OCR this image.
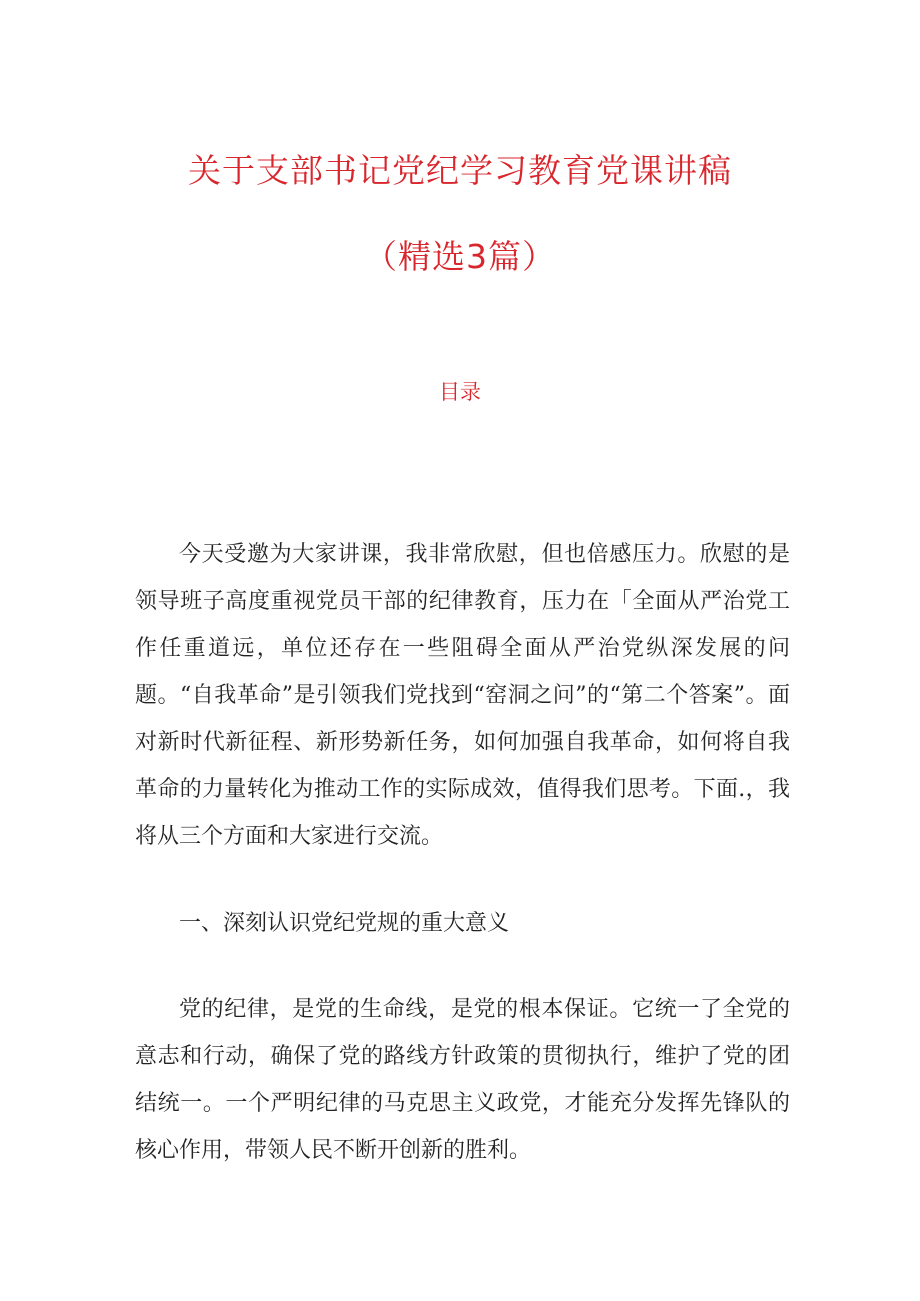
关于支部书记党纪学习教育党课讲稿
（精选3篇）
目录

今天受邀为大家讲课，我非常欣慰，但也倍感压力。欣慰的是领导班子高度重视党员干部的纪律教育，压力在「全面从严治党工作任重道远，单位还存在一些阻碍全面从严治党纵深发展的问题。“自我革命”是引领我们党找到“窑洞之问”的“第二个答案”。面对新时代新征程、新形势新任务，如何加强自我革命，如何将自我革命的力量转化为推动工作的实际成效，值得我们思考。下面.，我将从三个方面和大家进行交流。

一、深刻认识党纪党规的重大意义

党的纪律，是党的生命线，是党的根本保证。它统一了全党的意志和行动，确保了党的路线方针政策的贯彻执行，维护了党的团结统一。一个严明纪律的马克思主义政党，才能充分发挥先锋队的核心作用，带领人民不断开创新的胜利。
